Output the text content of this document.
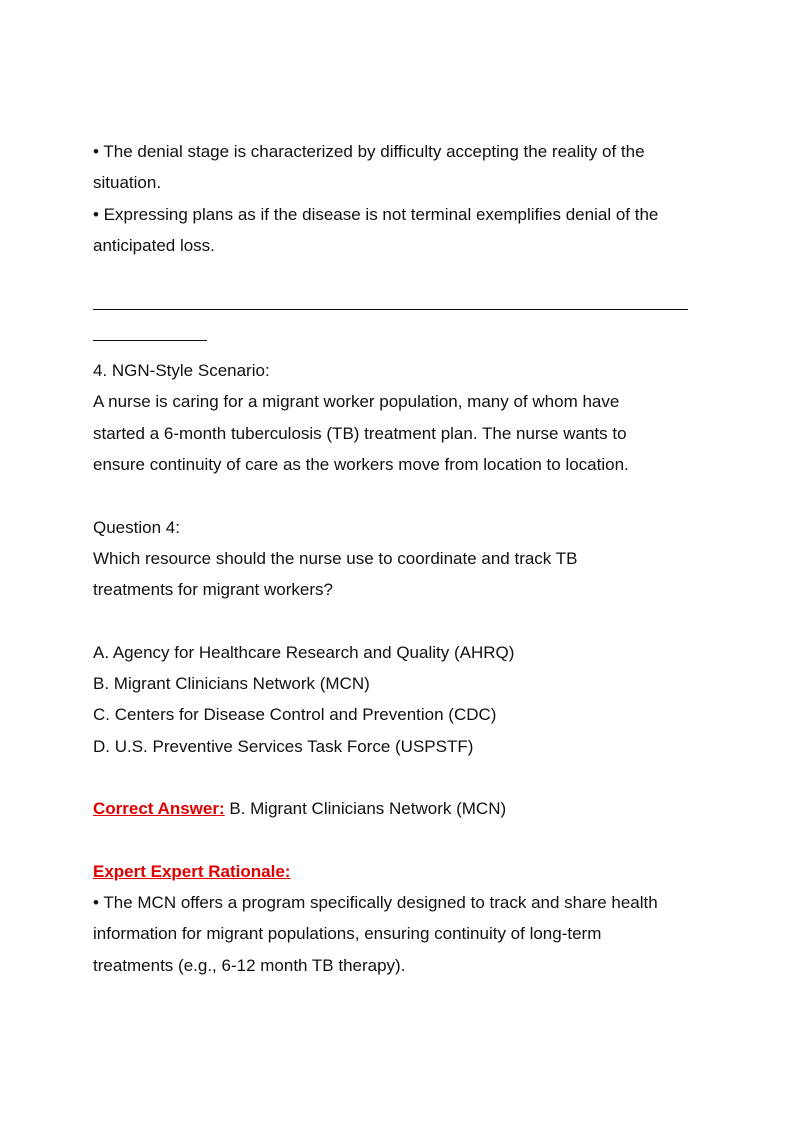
• The denial stage is characterized by difficulty accepting the reality of the
situation.
• Expressing plans as if the disease is not terminal exemplifies denial of the
anticipated loss.
4. NGN-Style Scenario:
A nurse is caring for a migrant worker population, many of whom have
started a 6-month tuberculosis (TB) treatment plan. The nurse wants to
ensure continuity of care as the workers move from location to location.
Question 4:
Which resource should the nurse use to coordinate and track TB
treatments for migrant workers?
A. Agency for Healthcare Research and Quality (AHRQ)
B. Migrant Clinicians Network (MCN)
C. Centers for Disease Control and Prevention (CDC)
D. U.S. Preventive Services Task Force (USPSTF)
Correct Answer: B. Migrant Clinicians Network (MCN)
Expert Expert Rationale:
• The MCN offers a program specifically designed to track and share health
information for migrant populations, ensuring continuity of long-term
treatments (e.g., 6-12 month TB therapy).
